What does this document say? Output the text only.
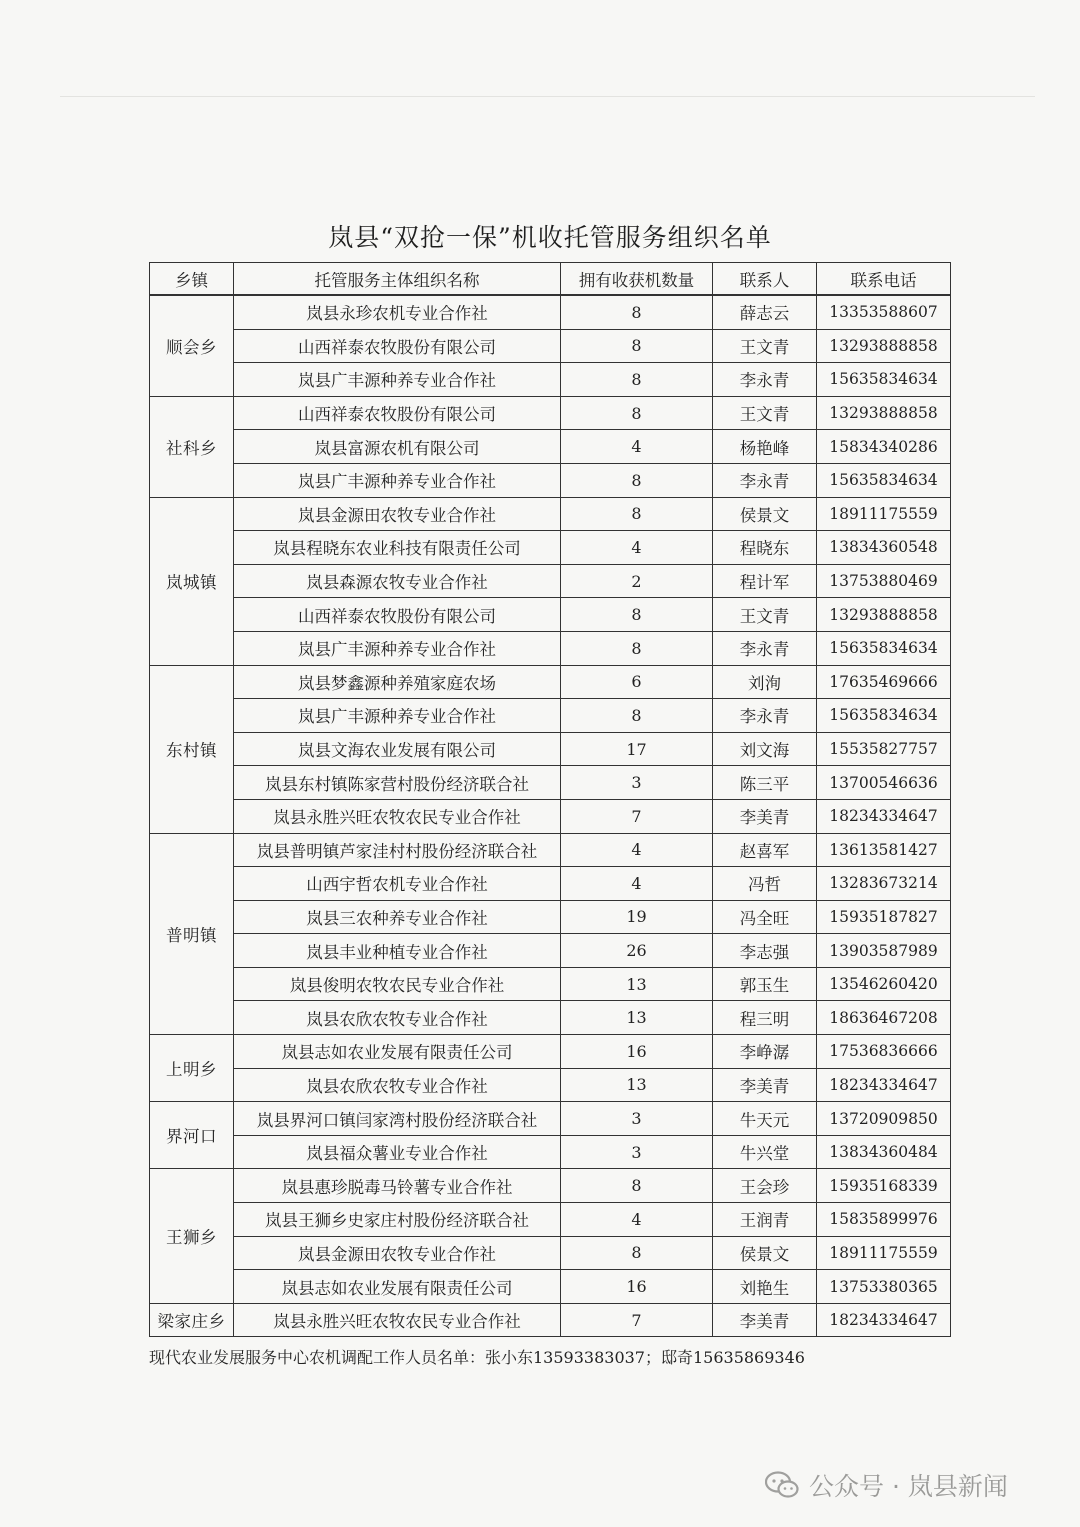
岚县“双抢一保”机收托管服务组织名单
乡镇	托管服务主体组织名称	拥有收获机数量	联系人	联系电话
顺会乡	岚县永珍农机专业合作社	8	薛志云	13353588607
	山西祥泰农牧股份有限公司	8	王文青	13293888858
	岚县广丰源种养专业合作社	8	李永青	15635834634
社科乡	山西祥泰农牧股份有限公司	8	王文青	13293888858
	岚县富源农机有限公司	4	杨艳峰	15834340286
	岚县广丰源种养专业合作社	8	李永青	15635834634
岚城镇	岚县金源田农牧专业合作社	8	侯景文	18911175559
	岚县程晓东农业科技有限责任公司	4	程晓东	13834360548
	岚县森源农牧专业合作社	2	程计军	13753880469
	山西祥泰农牧股份有限公司	8	王文青	13293888858
	岚县广丰源种养专业合作社	8	李永青	15635834634
东村镇	岚县梦鑫源种养殖家庭农场	6	刘洵	17635469666
	岚县广丰源种养专业合作社	8	李永青	15635834634
	岚县文海农业发展有限公司	17	刘文海	15535827757
	岚县东村镇陈家营村股份经济联合社	3	陈三平	13700546636
	岚县永胜兴旺农牧农民专业合作社	7	李美青	18234334647
普明镇	岚县普明镇芦家洼村村股份经济联合社	4	赵喜军	13613581427
	山西宇哲农机专业合作社	4	冯哲	13283673214
	岚县三农种养专业合作社	19	冯全旺	15935187827
	岚县丰业种植专业合作社	26	李志强	13903587989
	岚县俊明农牧农民专业合作社	13	郭玉生	13546260420
	岚县农欣农牧专业合作社	13	程三明	18636467208
上明乡	岚县志如农业发展有限责任公司	16	李峥潺	17536836666
	岚县农欣农牧专业合作社	13	李美青	18234334647
界河口	岚县界河口镇闫家湾村股份经济联合社	3	牛天元	13720909850
	岚县福众薯业专业合作社	3	牛兴堂	13834360484
王狮乡	岚县惠珍脱毒马铃薯专业合作社	8	王会珍	15935168339
	岚县王狮乡史家庄村股份经济联合社	4	王润青	15835899976
	岚县金源田农牧专业合作社	8	侯景文	18911175559
	岚县志如农业发展有限责任公司	16	刘艳生	13753380365
梁家庄乡	岚县永胜兴旺农牧农民专业合作社	7	李美青	18234334647
现代农业发展服务中心农机调配工作人员名单：张小东13593383037；邸奇15635869346
公众号 · 岚县新闻
